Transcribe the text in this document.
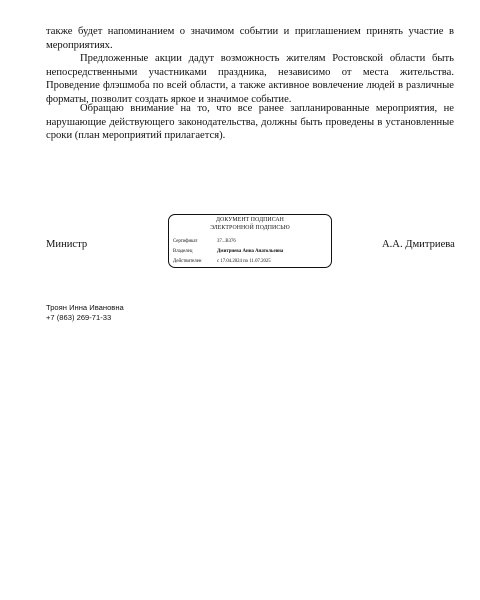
также будет напоминанием о значимом событии и приглашением принять участие в мероприятиях.

Предложенные акции дадут возможность жителям Ростовской области быть непосредственными участниками праздника, независимо от места жительства. Проведение флэшмоба по всей области, а также активное вовлечение людей в различные форматы, позволит создать яркое и значимое событие.

Обращаю внимание на то, что все ранее запланированные мероприятия, не нарушающие действующего законодательства, должны быть проведены в установленные сроки (план мероприятий прилагается).

Министр
ДОКУМЕНТ ПОДПИСАН
ЭЛЕКТРОННОЙ ПОДПИСЬЮ
Сертификат	37...B376
Владелец	Дмитриева Анна Анатольевна
Действителен	с 17.04.2024 по 11.07.2025
А.А. Дмитриева
Троян Инна Ивановна
+7 (863) 269-71-33
